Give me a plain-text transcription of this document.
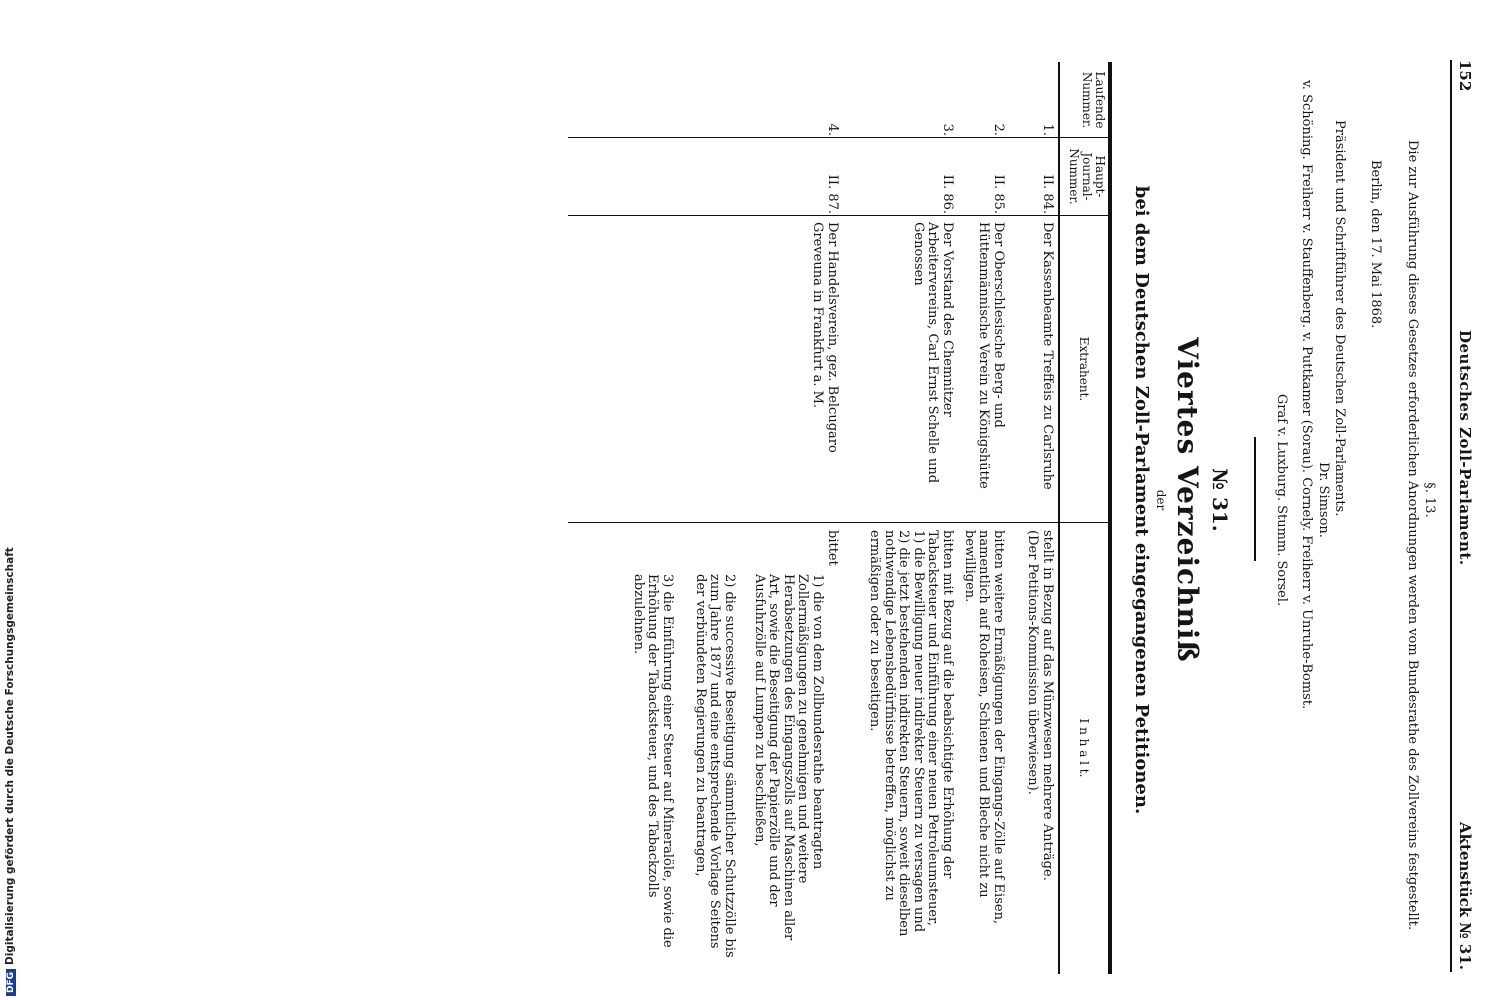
152
Deutsches Zoll-Parlament.
Aktenstück № 31.
§. 13.
Die zur Ausführung dieses Gesetzes erforderlichen Anordnungen werden vom Bundesrathe des Zollvereins festgestellt.
Berlin, den 17. Mai 1868.
Präsident und Schriftführer des Deutschen Zoll-Parlaments.
Dr. Simson.
v. Schöning. Freiherr v. Stauffenberg. v. Puttkamer (Sorau). Cornely. Freiherr v. Unruhe-Bomst.
Graf v. Luxburg. Stumm. Sorsel.
№ 31.
Viertes Verzeichniß
der
bei dem Deutschen Zoll-Parlament eingegangenen Petitionen.
Laufende
Nummer.
Haupt-
Journal-
Nummer.
Extrahent.
I n h a l t.
1.
II. 84.
Der Kassenbeamte Treffeis zu Carlsruhe
stellt in Bezug auf das Münzwesen mehrere Anträge.
(Der Petitions-Kommission überwiesen).
2.
II. 85.
Der Oberschlesische Berg- und Hüttenmännische Verein zu Königshütte
bitten weitere Ermäßigungen der Eingangs-Zölle auf Eisen, namentlich auf Roheisen, Schienen und Bleche nicht zu bewilligen.
3.
II. 86.
Der Vorstand des Chemnitzer Arbeitervereins, Carl Ernst Schelle und Genossen
bitten mit Bezug auf die beabsichtigte Erhöhung der Tabacksteuer und Einführung einer neuen Petroleumsteuer,
1) die Bewilligung neuer indirekter Steuern zu versagen und
2) die jetzt bestehenden indirekten Steuern, soweit dieselben nothwendige Lebensbedürfnisse betreffen, möglichst zu ermäßigen oder zu beseitigen.
4.
II. 87.
Der Handelsverein, gez. Belcugaro Greveuna in Frankfurt a. M.
bittet
1) die von dem Zollbundesrathe beantragten Zollermäßigungen zu genehmigen und weitere Herabsetzungen des Eingangszolls auf Maschinen aller Art, sowie die Beseitigung der Papierzölle und der Ausfuhrzölle auf Lumpen zu beschließen,
2) die successive Beseitigung sämmtlicher Schutzzölle bis zum Jahre 1877 und eine entsprechende Vorlage Seitens der verbündeten Regierungen zu beantragen,
3) die Einführung einer Steuer auf Mineralöle, sowie die Erhöhung der Tabacksteuer, und des Tabackzolls abzulehnen.
DFGDigitalisierung gefördert durch die Deutsche Forschungsgemeinschaft
